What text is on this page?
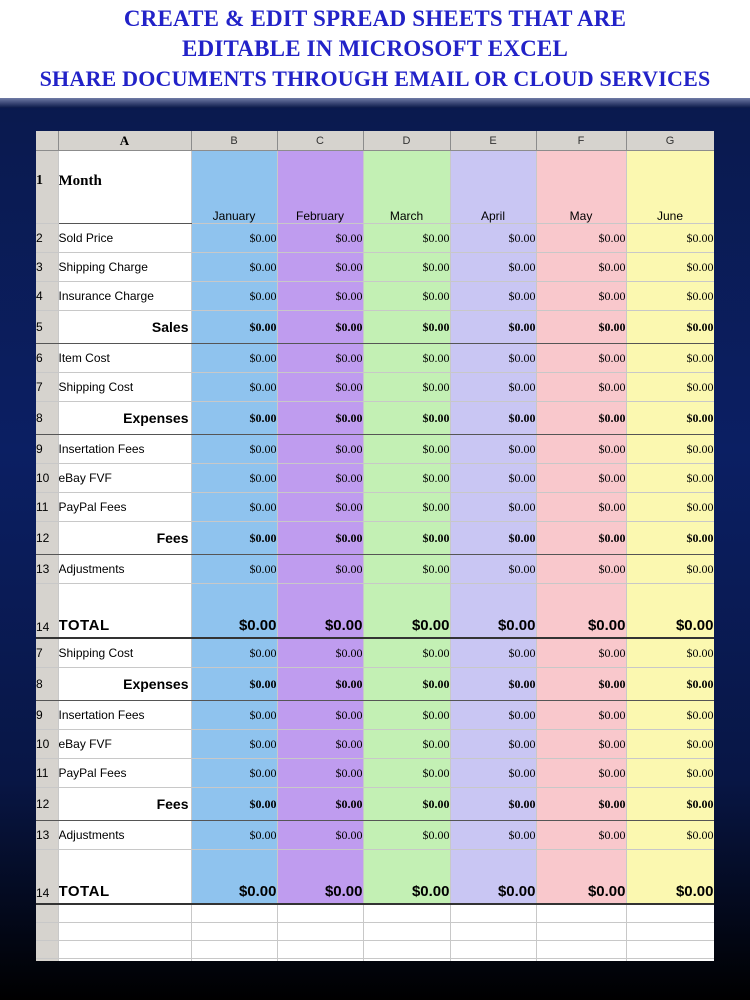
CREATE & EDIT SPREAD SHEETS THAT ARE
EDITABLE IN MICROSOFT EXCEL
SHARE DOCUMENTS THROUGH EMAIL OR CLOUD SERVICES
	A	B	C	D	E	F	G
1	Month	January	February	March	April	May	June
2	Sold Price	$0.00	$0.00	$0.00	$0.00	$0.00	$0.00
3	Shipping Charge	$0.00	$0.00	$0.00	$0.00	$0.00	$0.00
4	Insurance Charge	$0.00	$0.00	$0.00	$0.00	$0.00	$0.00
5	Sales	$0.00	$0.00	$0.00	$0.00	$0.00	$0.00
6	Item Cost	$0.00	$0.00	$0.00	$0.00	$0.00	$0.00
7	Shipping Cost	$0.00	$0.00	$0.00	$0.00	$0.00	$0.00
8	Expenses	$0.00	$0.00	$0.00	$0.00	$0.00	$0.00
9	Insertation Fees	$0.00	$0.00	$0.00	$0.00	$0.00	$0.00
10	eBay FVF	$0.00	$0.00	$0.00	$0.00	$0.00	$0.00
11	PayPal Fees	$0.00	$0.00	$0.00	$0.00	$0.00	$0.00
12	Fees	$0.00	$0.00	$0.00	$0.00	$0.00	$0.00
13	Adjustments	$0.00	$0.00	$0.00	$0.00	$0.00	$0.00
14	TOTAL	$0.00	$0.00	$0.00	$0.00	$0.00	$0.00
7	Shipping Cost	$0.00	$0.00	$0.00	$0.00	$0.00	$0.00
8	Expenses	$0.00	$0.00	$0.00	$0.00	$0.00	$0.00
9	Insertation Fees	$0.00	$0.00	$0.00	$0.00	$0.00	$0.00
10	eBay FVF	$0.00	$0.00	$0.00	$0.00	$0.00	$0.00
11	PayPal Fees	$0.00	$0.00	$0.00	$0.00	$0.00	$0.00
12	Fees	$0.00	$0.00	$0.00	$0.00	$0.00	$0.00
13	Adjustments	$0.00	$0.00	$0.00	$0.00	$0.00	$0.00
14	TOTAL	$0.00	$0.00	$0.00	$0.00	$0.00	$0.00
